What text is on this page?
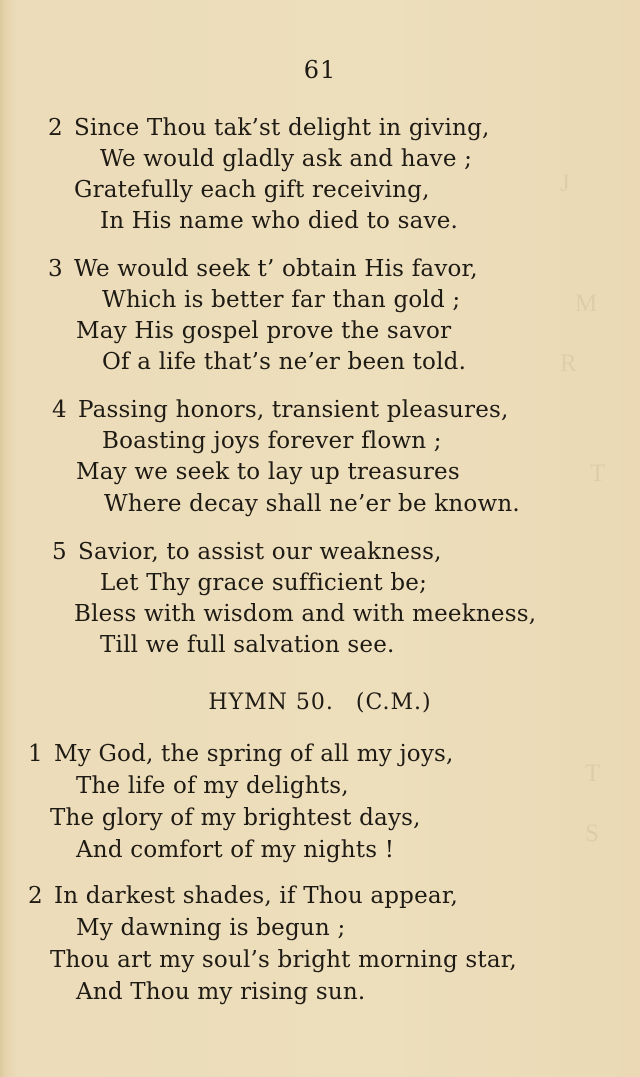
J
M
R
T
T
S
61
2 Since Thou tak’st delight in giving,
We would gladly ask and have ;
Gratefully each gift receiving,
In His name who died to save.
3 We would seek t’ obtain His favor,
Which is better far than gold ;
May His gospel prove the savor
Of a life that’s ne’er been told.
4 Passing honors, transient pleasures,
Boasting joys forever flown ;
May we seek to lay up treasures
Where decay shall ne’er be known.
5 Savior, to assist our weakness,
Let Thy grace sufficient be;
Bless with wisdom and with meekness,
Till we full salvation see.
HYMN 50. (C.M.)
1 My God, the spring of all my joys,
The life of my delights,
The glory of my brightest days,
And comfort of my nights !
2 In darkest shades, if Thou appear,
My dawning is begun ;
Thou art my soul’s bright morning star,
And Thou my rising sun.
